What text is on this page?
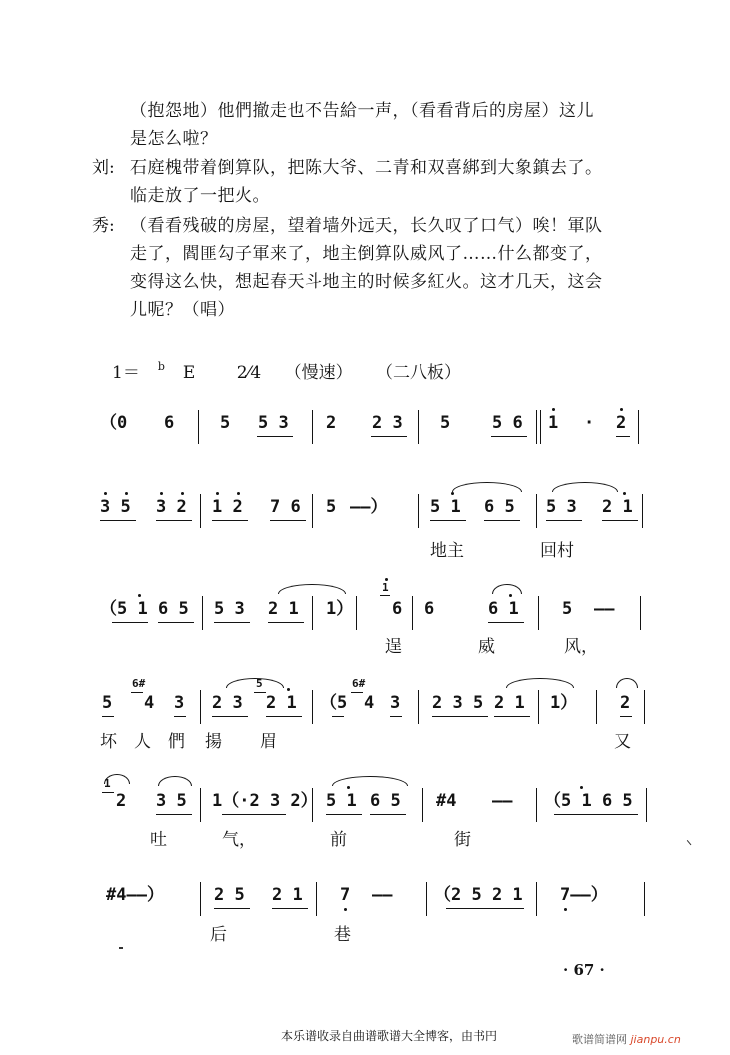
（抱怨地）他們撤走也不告給一声，（看看背后的房屋）这儿
是怎么啦？
刘: 石庭槐带着倒算队，把陈大爷、二青和双喜綁到大象鎮去了。
临走放了一把火。
秀: （看看残破的房屋，望着墙外远天，长久叹了口气）唉！軍队
走了，閻匪勾子軍来了，地主倒算队威风了……什么都变了，
变得这么快，想起春天斗地主的时候多紅火。这才几天，这会
儿呢？（唱）
1＝ b E 2⁄4 （慢速） （二八板）
（0 6	5 5 3 2 2 3 5 5 6 1 · 2
3 5 3 2 1 2 7 6 5 ——）	5 1 6 5 5 3 2 1
地主	回村
（5 1 6 5 5 3 2 1 1）
1
6 6	6 1	5 ——
逞	威	风，
5
6#
4 3 2 3
5
2 1 （5
6#
4 3 2 3 5 2 1 1）	2
坏 人 們 揚 眉	又
1
2 3 5 1（·2 3 2） 5 1 6 5 #4 —— （5 1 6 5
吐	气，	前	街
#4——）	2 5 2 1 7 —— （2 5 2 1 7——）
后	巷
· 67 ·
本乐谱收录自曲谱歌谱大全博客，由书円	歌谱简谱网 jianpu.cn
